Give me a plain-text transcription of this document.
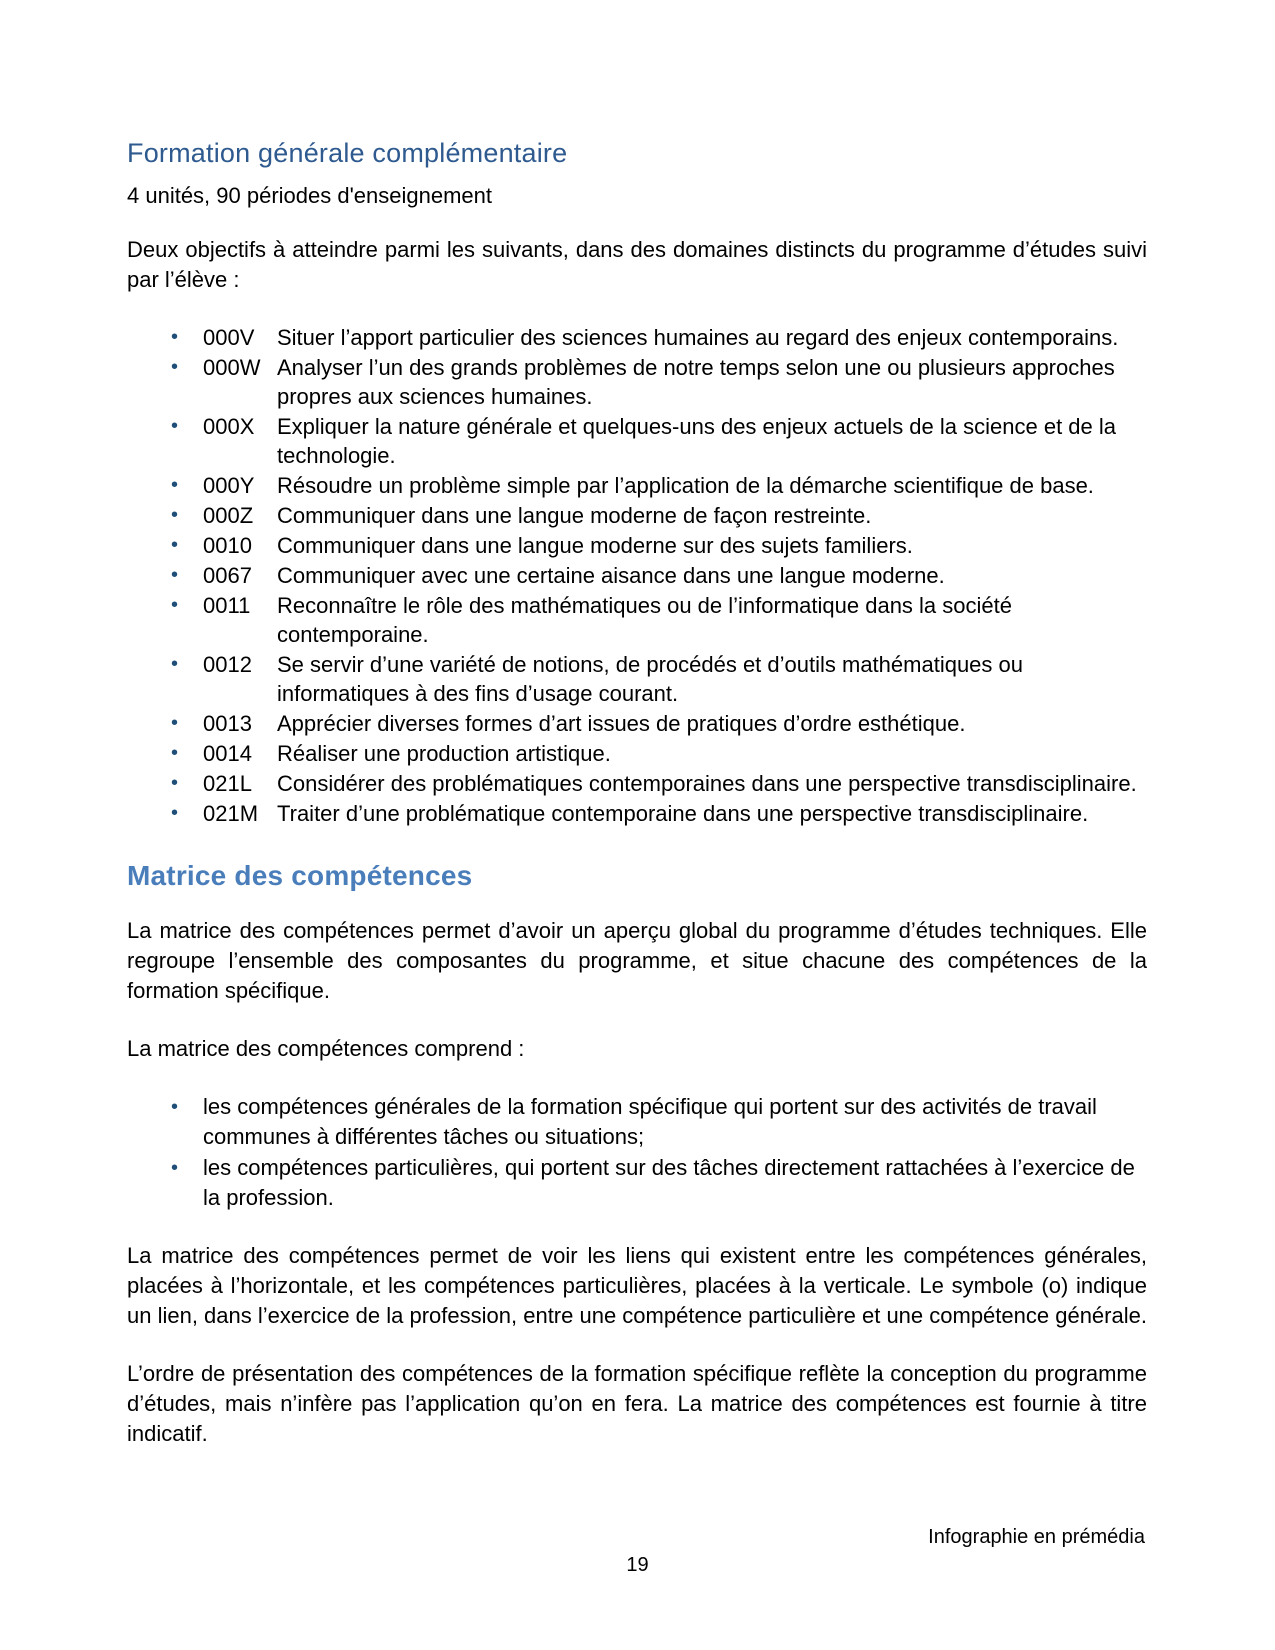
Formation générale complémentaire
4 unités, 90 périodes d'enseignement

Deux objectifs à atteindre parmi les suivants, dans des domaines distincts du programme d’études suivi par l’élève :

•	000V	Situer l’apport particulier des sciences humaines au regard des enjeux contemporains.
•	000W Analyser l’un des grands problèmes de notre temps selon une ou plusieurs approches propres aux sciences humaines.
•	000X	Expliquer la nature générale et quelques-uns des enjeux actuels de la science et de la technologie.
•	000Y	Résoudre un problème simple par l’application de la démarche scientifique de base.
•	000Z	Communiquer dans une langue moderne de façon restreinte.
•	0010	Communiquer dans une langue moderne sur des sujets familiers.
•	0067	Communiquer avec une certaine aisance dans une langue moderne.
•	0011	Reconnaître le rôle des mathématiques ou de l’informatique dans la société contemporaine.
•	0012	Se servir d’une variété de notions, de procédés et d’outils mathématiques ou informatiques à des fins d’usage courant.
•	0013	Apprécier diverses formes d’art issues de pratiques d’ordre esthétique.
•	0014	Réaliser une production artistique.
•	021L	Considérer des problématiques contemporaines dans une perspective transdisciplinaire.
•	021M Traiter d’une problématique contemporaine dans une perspective transdisciplinaire.
Matrice des compétences

La matrice des compétences permet d’avoir un aperçu global du programme d’études techniques. Elle regroupe l’ensemble des composantes du programme, et situe chacune des compétences de la formation spécifique.

La matrice des compétences comprend :

•	les compétences générales de la formation spécifique qui portent sur des activités de travail communes à différentes tâches ou situations;
•	les compétences particulières, qui portent sur des tâches directement rattachées à l’exercice de la profession.

La matrice des compétences permet de voir les liens qui existent entre les compétences générales, placées à l’horizontale, et les compétences particulières, placées à la verticale. Le symbole (o) indique un lien, dans l’exercice de la profession, entre une compétence particulière et une compétence générale.

L’ordre de présentation des compétences de la formation spécifique reflète la conception du programme d’études, mais n’infère pas l’application qu’on en fera. La matrice des compétences est fournie à titre indicatif.

Infographie en prémédia
19
